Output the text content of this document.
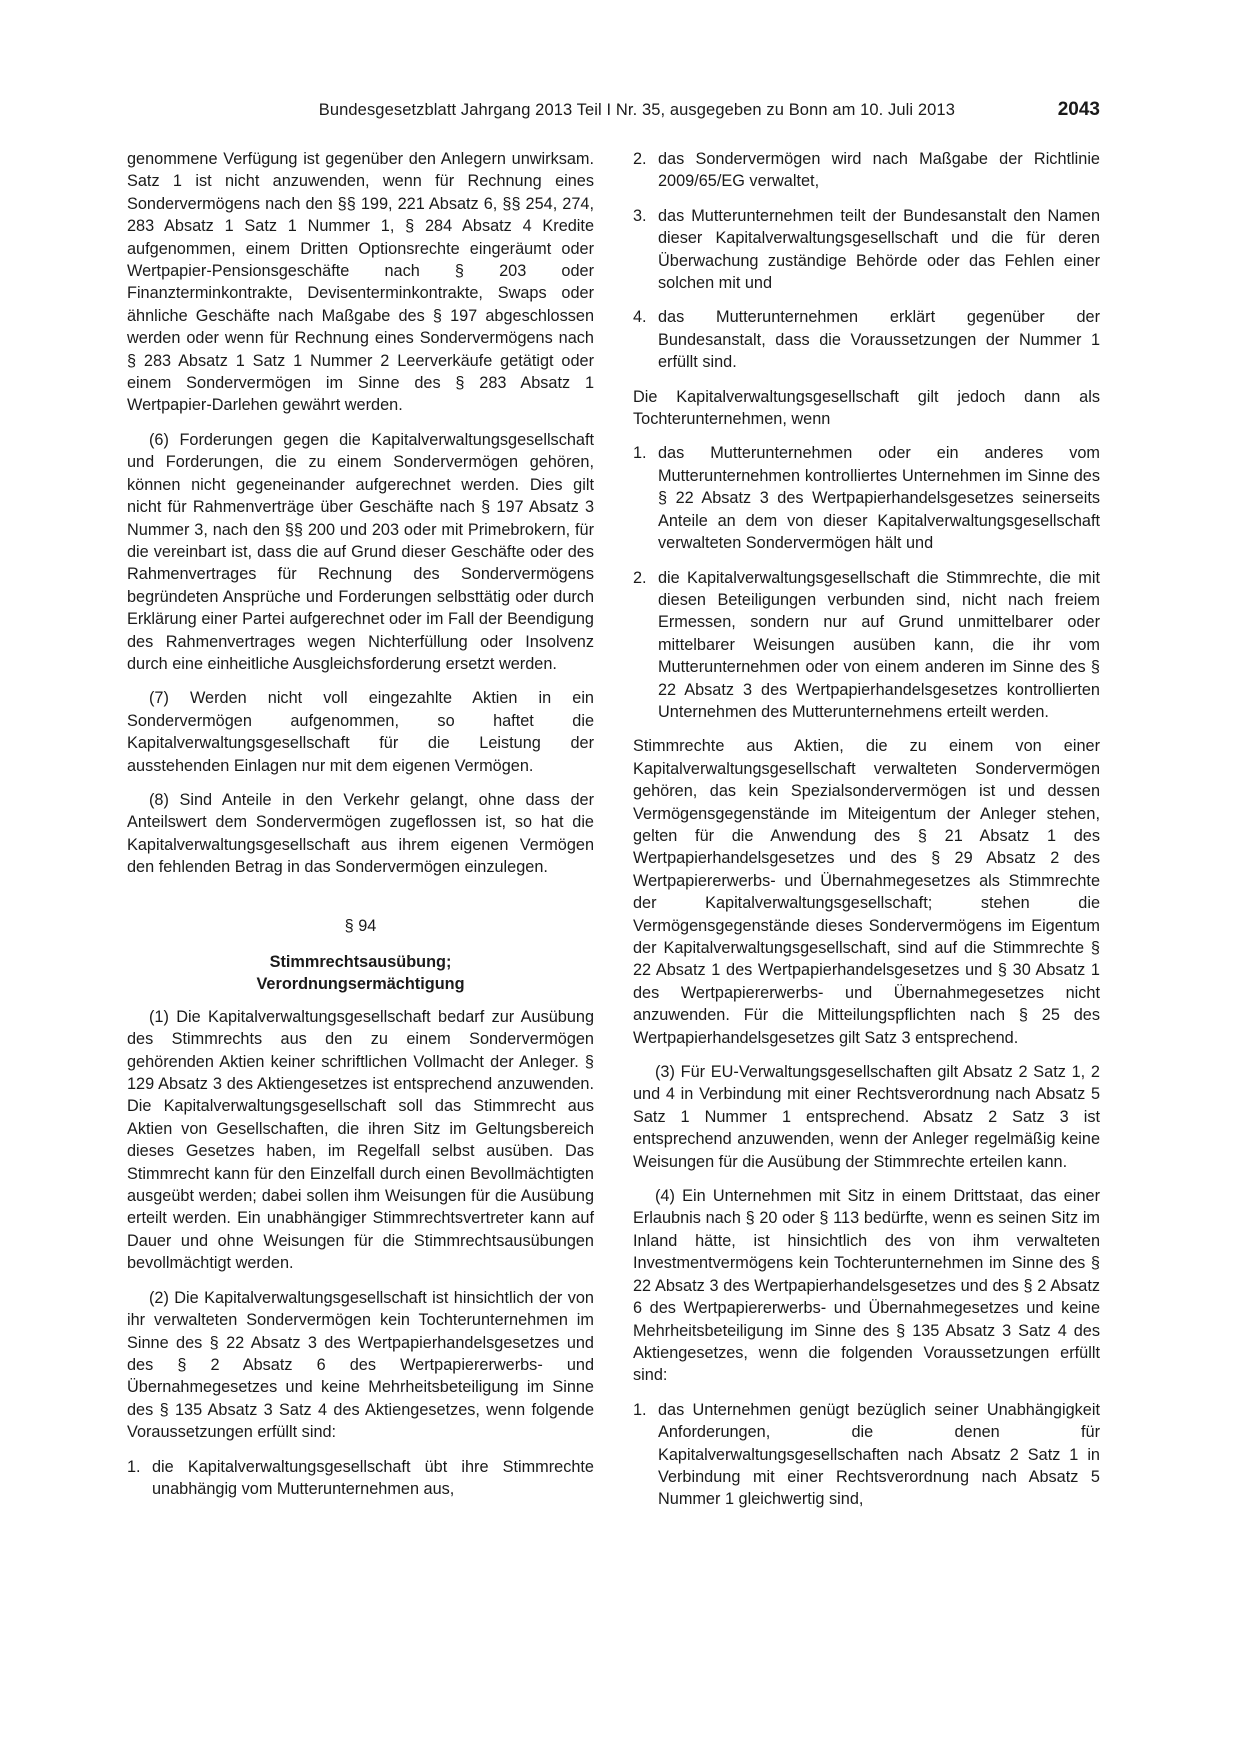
Bundesgesetzblatt Jahrgang 2013 Teil I Nr. 35, ausgegeben zu Bonn am 10. Juli 2013	2043

genommene Verfügung ist gegenüber den Anlegern unwirksam. Satz 1 ist nicht anzuwenden, wenn für Rechnung eines Sondervermögens nach den §§ 199, 221 Absatz 6, §§ 254, 274, 283 Absatz 1 Satz 1 Nummer 1, § 284 Absatz 4 Kredite aufgenommen, einem Dritten Optionsrechte eingeräumt oder Wertpapier-Pensionsgeschäfte nach § 203 oder Finanzterminkontrakte, Devisenterminkontrakte, Swaps oder ähnliche Geschäfte nach Maßgabe des § 197 abgeschlossen werden oder wenn für Rechnung eines Sondervermögens nach § 283 Absatz 1 Satz 1 Nummer 2 Leerverkäufe getätigt oder einem Sondervermögen im Sinne des § 283 Absatz 1 Wertpapier-Darlehen gewährt werden.

(6) Forderungen gegen die Kapitalverwaltungsgesellschaft und Forderungen, die zu einem Sondervermögen gehören, können nicht gegeneinander aufgerechnet werden. Dies gilt nicht für Rahmenverträge über Geschäfte nach § 197 Absatz 3 Nummer 3, nach den §§ 200 und 203 oder mit Primebrokern, für die vereinbart ist, dass die auf Grund dieser Geschäfte oder des Rahmenvertrages für Rechnung des Sondervermögens begründeten Ansprüche und Forderungen selbsttätig oder durch Erklärung einer Partei aufgerechnet oder im Fall der Beendigung des Rahmenvertrages wegen Nichterfüllung oder Insolvenz durch eine einheitliche Ausgleichsforderung ersetzt werden.

(7) Werden nicht voll eingezahlte Aktien in ein Sondervermögen aufgenommen, so haftet die Kapitalverwaltungsgesellschaft für die Leistung der ausstehenden Einlagen nur mit dem eigenen Vermögen.

(8) Sind Anteile in den Verkehr gelangt, ohne dass der Anteilswert dem Sondervermögen zugeflossen ist, so hat die Kapitalverwaltungsgesellschaft aus ihrem eigenen Vermögen den fehlenden Betrag in das Sondervermögen einzulegen.

§ 94
Stimmrechtsausübung;
Verordnungsermächtigung

(1) Die Kapitalverwaltungsgesellschaft bedarf zur Ausübung des Stimmrechts aus den zu einem Sondervermögen gehörenden Aktien keiner schriftlichen Vollmacht der Anleger. § 129 Absatz 3 des Aktiengesetzes ist entsprechend anzuwenden. Die Kapitalverwaltungsgesellschaft soll das Stimmrecht aus Aktien von Gesellschaften, die ihren Sitz im Geltungsbereich dieses Gesetzes haben, im Regelfall selbst ausüben. Das Stimmrecht kann für den Einzelfall durch einen Bevollmächtigten ausgeübt werden; dabei sollen ihm Weisungen für die Ausübung erteilt werden. Ein unabhängiger Stimmrechtsvertreter kann auf Dauer und ohne Weisungen für die Stimmrechtsausübungen bevollmächtigt werden.

(2) Die Kapitalverwaltungsgesellschaft ist hinsichtlich der von ihr verwalteten Sondervermögen kein Tochterunternehmen im Sinne des § 22 Absatz 3 des Wertpapierhandelsgesetzes und des § 2 Absatz 6 des Wertpapiererwerbs- und Übernahmegesetzes und keine Mehrheitsbeteiligung im Sinne des § 135 Absatz 3 Satz 4 des Aktiengesetzes, wenn folgende Voraussetzungen erfüllt sind:

1. die Kapitalverwaltungsgesellschaft übt ihre Stimmrechte unabhängig vom Mutterunternehmen aus,
2. das Sondervermögen wird nach Maßgabe der Richtlinie 2009/65/EG verwaltet,
3. das Mutterunternehmen teilt der Bundesanstalt den Namen dieser Kapitalverwaltungsgesellschaft und die für deren Überwachung zuständige Behörde oder das Fehlen einer solchen mit und
4. das Mutterunternehmen erklärt gegenüber der Bundesanstalt, dass die Voraussetzungen der Nummer 1 erfüllt sind.

Die Kapitalverwaltungsgesellschaft gilt jedoch dann als Tochterunternehmen, wenn

1. das Mutterunternehmen oder ein anderes vom Mutterunternehmen kontrolliertes Unternehmen im Sinne des § 22 Absatz 3 des Wertpapierhandelsgesetzes seinerseits Anteile an dem von dieser Kapitalverwaltungsgesellschaft verwalteten Sondervermögen hält und
2. die Kapitalverwaltungsgesellschaft die Stimmrechte, die mit diesen Beteiligungen verbunden sind, nicht nach freiem Ermessen, sondern nur auf Grund unmittelbarer oder mittelbarer Weisungen ausüben kann, die ihr vom Mutterunternehmen oder von einem anderen im Sinne des § 22 Absatz 3 des Wertpapierhandelsgesetzes kontrollierten Unternehmen des Mutterunternehmens erteilt werden.

Stimmrechte aus Aktien, die zu einem von einer Kapitalverwaltungsgesellschaft verwalteten Sondervermögen gehören, das kein Spezialsondervermögen ist und dessen Vermögensgegenstände im Miteigentum der Anleger stehen, gelten für die Anwendung des § 21 Absatz 1 des Wertpapierhandelsgesetzes und des § 29 Absatz 2 des Wertpapiererwerbs- und Übernahmegesetzes als Stimmrechte der Kapitalverwaltungsgesellschaft; stehen die Vermögensgegenstände dieses Sondervermögens im Eigentum der Kapitalverwaltungsgesellschaft, sind auf die Stimmrechte § 22 Absatz 1 des Wertpapierhandelsgesetzes und § 30 Absatz 1 des Wertpapiererwerbs- und Übernahmegesetzes nicht anzuwenden. Für die Mitteilungspflichten nach § 25 des Wertpapierhandelsgesetzes gilt Satz 3 entsprechend.

(3) Für EU-Verwaltungsgesellschaften gilt Absatz 2 Satz 1, 2 und 4 in Verbindung mit einer Rechtsverordnung nach Absatz 5 Satz 1 Nummer 1 entsprechend. Absatz 2 Satz 3 ist entsprechend anzuwenden, wenn der Anleger regelmäßig keine Weisungen für die Ausübung der Stimmrechte erteilen kann.

(4) Ein Unternehmen mit Sitz in einem Drittstaat, das einer Erlaubnis nach § 20 oder § 113 bedürfte, wenn es seinen Sitz im Inland hätte, ist hinsichtlich des von ihm verwalteten Investmentvermögens kein Tochterunternehmen im Sinne des § 22 Absatz 3 des Wertpapierhandelsgesetzes und des § 2 Absatz 6 des Wertpapiererwerbs- und Übernahmegesetzes und keine Mehrheitsbeteiligung im Sinne des § 135 Absatz 3 Satz 4 des Aktiengesetzes, wenn die folgenden Voraussetzungen erfüllt sind:

1. das Unternehmen genügt bezüglich seiner Unabhängigkeit Anforderungen, die denen für Kapitalverwaltungsgesellschaften nach Absatz 2 Satz 1 in Verbindung mit einer Rechtsverordnung nach Absatz 5 Nummer 1 gleichwertig sind,
